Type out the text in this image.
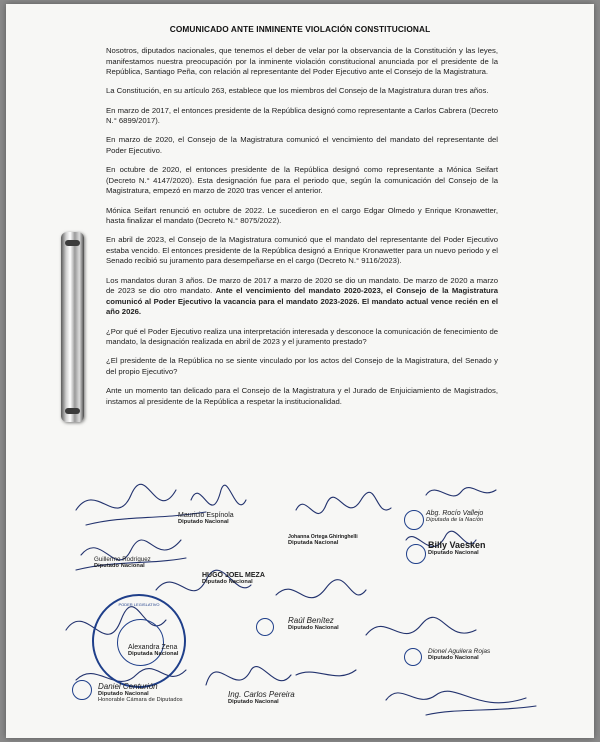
COMUNICADO ANTE INMINENTE VIOLACIÓN CONSTITUCIONAL

Nosotros, diputados nacionales, que tenemos el deber de velar por la observancia de la Constitución y las leyes, manifestamos nuestra preocupación por la inminente violación constitucional anunciada por el presidente de la República, Santiago Peña, con relación al representante del Poder Ejecutivo ante el Consejo de la Magistratura.

La Constitución, en su artículo 263, establece que los miembros del Consejo de la Magistratura duran tres años.

En marzo de 2017, el entonces presidente de la República designó como representante a Carlos Cabrera (Decreto N.° 6899/2017).

En marzo de 2020, el Consejo de la Magistratura comunicó el vencimiento del mandato del representante del Poder Ejecutivo.

En octubre de 2020, el entonces presidente de la República designó como representante a Mónica Seifart (Decreto N.° 4147/2020). Esta designación fue para el periodo que, según la comunicación del Consejo de la Magistratura, empezó en marzo de 2020 tras vencer el anterior.

Mónica Seifart renunció en octubre de 2022. Le sucedieron en el cargo Edgar Olmedo y Enrique Kronawetter, hasta finalizar el mandato (Decreto N.° 8075/2022).

En abril de 2023, el Consejo de la Magistratura comunicó que el mandato del representante del Poder Ejecutivo estaba vencido. El entonces presidente de la República designó a Enrique Kronawetter para un nuevo periodo y el Senado recibió su juramento para desempeñarse en el cargo (Decreto N.° 9116/2023).

Los mandatos duran 3 años. De marzo de 2017 a marzo de 2020 se dio un mandato. De marzo de 2020 a marzo de 2023 se dio otro mandato. Ante el vencimiento del mandato 2020-2023, el Consejo de la Magistratura comunicó al Poder Ejecutivo la vacancia para el mandato 2023-2026. El mandato actual vence recién en el año 2026.

¿Por qué el Poder Ejecutivo realiza una interpretación interesada y desconoce la comunicación de fenecimiento de mandato, la designación realizada en abril de 2023 y el juramento prestado?

¿El presidente de la República no se siente vinculado por los actos del Consejo de la Magistratura, del Senado y del propio Ejecutivo?

Ante un momento tan delicado para el Consejo de la Magistratura y el Jurado de Enjuiciamiento de Magistrados, instamos al presidente de la República a respetar la institucionalidad.

PODER LEGISLATIVO
Mauricio Espínola
Diputado Nacional
Johanna Ortega Ghiringhelli
Diputada Nacional
Abg. Rocío Vallejo
Diputada de la Nación
Guillermo Rodríguez
Diputado Nacional
Billy Vaesken
Diputado Nacional
HUGO JOEL MEZA
Diputado Nacional
Raúl Benítez
Diputado Nacional
Alexandra Zena
Diputada Nacional	Dionel Aguilera Rojas
Diputado Nacional
Daniel Centurión
Diputado Nacional
Honorable Cámara de Diputados
Ing. Carlos Pereira
Diputado Nacional
